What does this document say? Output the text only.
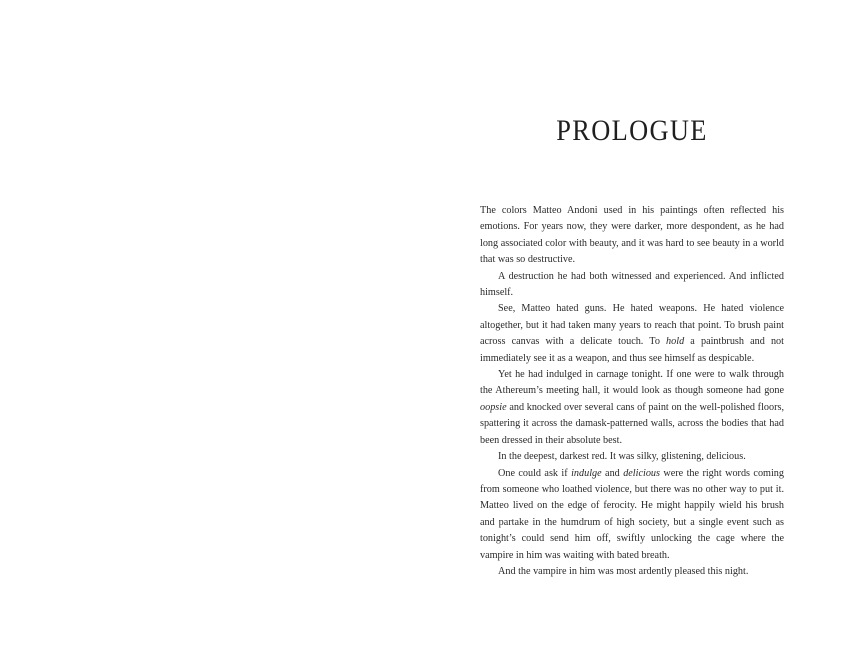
PROLOGUE

The colors Matteo Andoni used in his paintings often reflected his emotions. For years now, they were darker, more despondent, as he had long associated color with beauty, and it was hard to see beauty in a world that was so destructive.

A destruction he had both witnessed and experienced. And inflicted himself.

See, Matteo hated guns. He hated weapons. He hated violence altogether, but it had taken many years to reach that point. To brush paint across canvas with a delicate touch. To hold a paintbrush and not immediately see it as a weapon, and thus see himself as despicable.

Yet he had indulged in carnage tonight. If one were to walk through the Athereum’s meeting hall, it would look as though someone had gone oopsie and knocked over several cans of paint on the well-polished floors, spattering it across the damask-patterned walls, across the bodies that had been dressed in their absolute best.

In the deepest, darkest red. It was silky, glistening, delicious.

One could ask if indulge and delicious were the right words coming from someone who loathed violence, but there was no other way to put it. Matteo lived on the edge of ferocity. He might happily wield his brush and partake in the humdrum of high society, but a single event such as tonight’s could send him off, swiftly unlocking the cage where the vampire in him was waiting with bated breath.

And the vampire in him was most ardently pleased this night.
